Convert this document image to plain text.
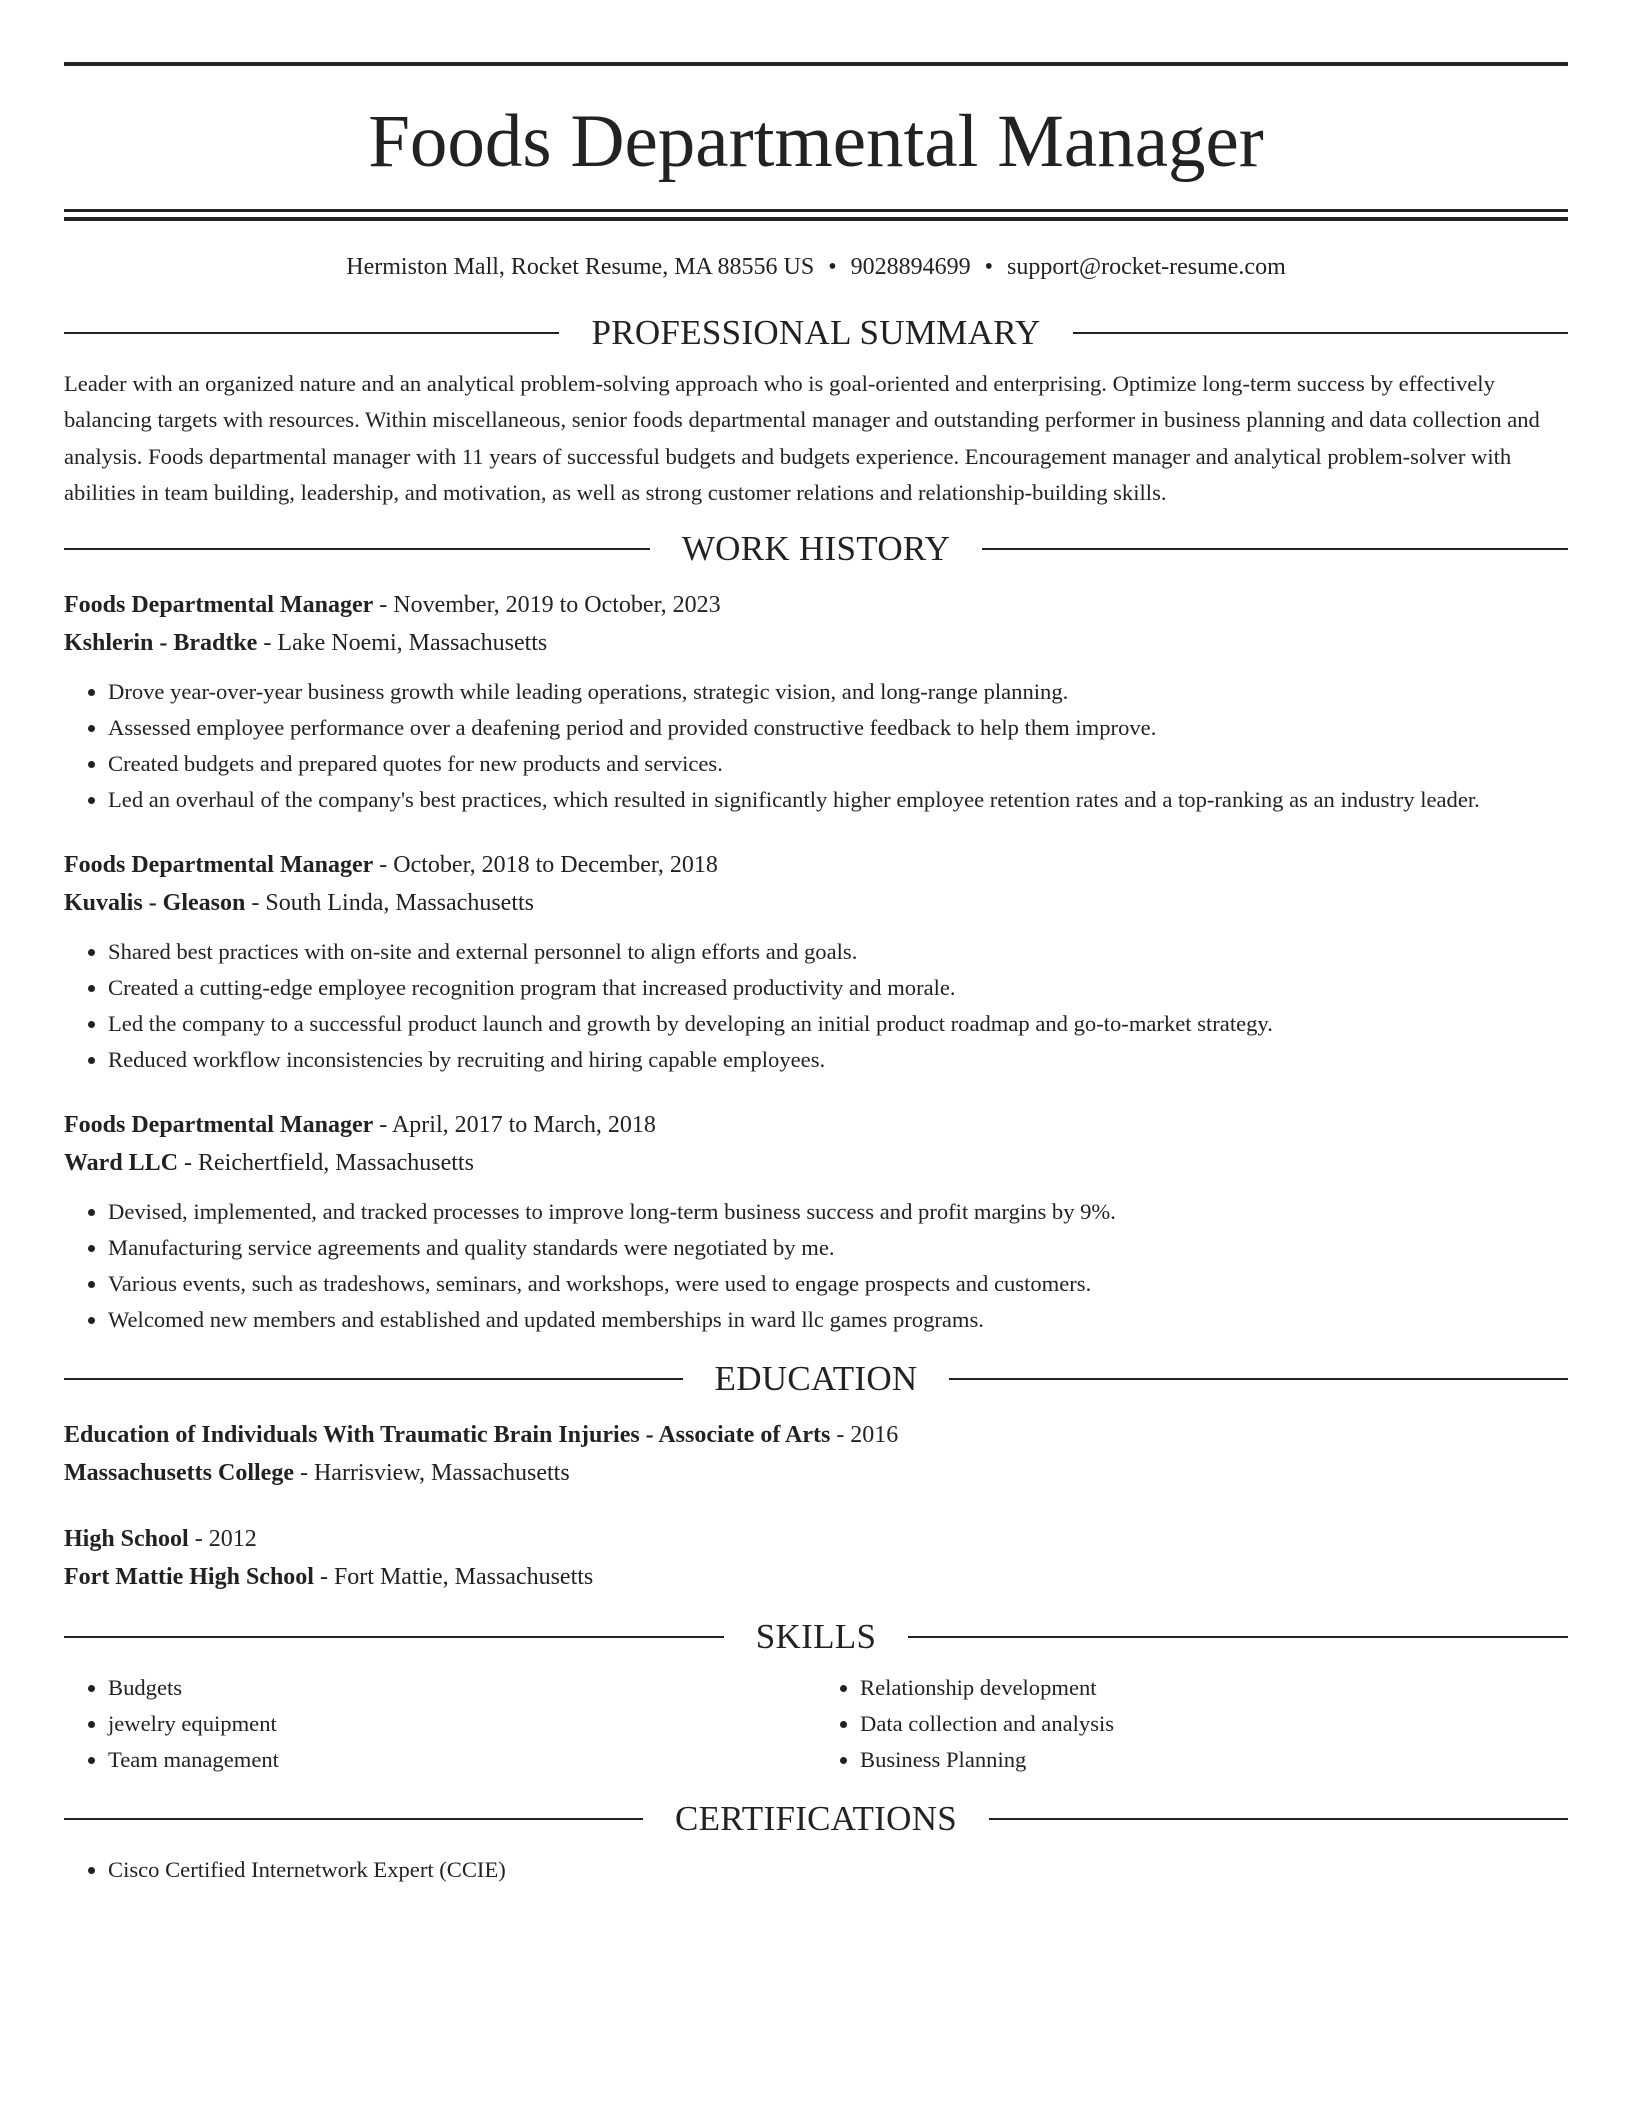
Foods Departmental Manager
Hermiston Mall, Rocket Resume, MA 88556 US • 9028894699 • support@rocket-resume.com
PROFESSIONAL SUMMARY

Leader with an organized nature and an analytical problem-solving approach who is goal-oriented and enterprising. Optimize long-term success by effectively balancing targets with resources. Within miscellaneous, senior foods departmental manager and outstanding performer in business planning and data collection and analysis. Foods departmental manager with 11 years of successful budgets and budgets experience. Encouragement manager and analytical problem-solver with abilities in team building, leadership, and motivation, as well as strong customer relations and relationship-building skills.

WORK HISTORY
Foods Departmental Manager - November, 2019 to October, 2023
Kshlerin - Bradtke - Lake Noemi, Massachusetts
• Drove year-over-year business growth while leading operations, strategic vision, and long-range planning.
• Assessed employee performance over a deafening period and provided constructive feedback to help them improve.
• Created budgets and prepared quotes for new products and services.
• Led an overhaul of the company's best practices, which resulted in significantly higher employee retention rates and a top-ranking as an industry leader.
Foods Departmental Manager - October, 2018 to December, 2018
Kuvalis - Gleason - South Linda, Massachusetts
• Shared best practices with on-site and external personnel to align efforts and goals.
• Created a cutting-edge employee recognition program that increased productivity and morale.
• Led the company to a successful product launch and growth by developing an initial product roadmap and go-to-market strategy.
• Reduced workflow inconsistencies by recruiting and hiring capable employees.
Foods Departmental Manager - April, 2017 to March, 2018
Ward LLC - Reichertfield, Massachusetts
• Devised, implemented, and tracked processes to improve long-term business success and profit margins by 9%.
• Manufacturing service agreements and quality standards were negotiated by me.
• Various events, such as tradeshows, seminars, and workshops, were used to engage prospects and customers.
• Welcomed new members and established and updated memberships in ward llc games programs.
EDUCATION
Education of Individuals With Traumatic Brain Injuries - Associate of Arts - 2016
Massachusetts College - Harrisview, Massachusetts
High School - 2012
Fort Mattie High School - Fort Mattie, Massachusetts
SKILLS
• Budgets
• jewelry equipment
• Team management
• Relationship development
• Data collection and analysis
• Business Planning
CERTIFICATIONS
• Cisco Certified Internetwork Expert (CCIE)
